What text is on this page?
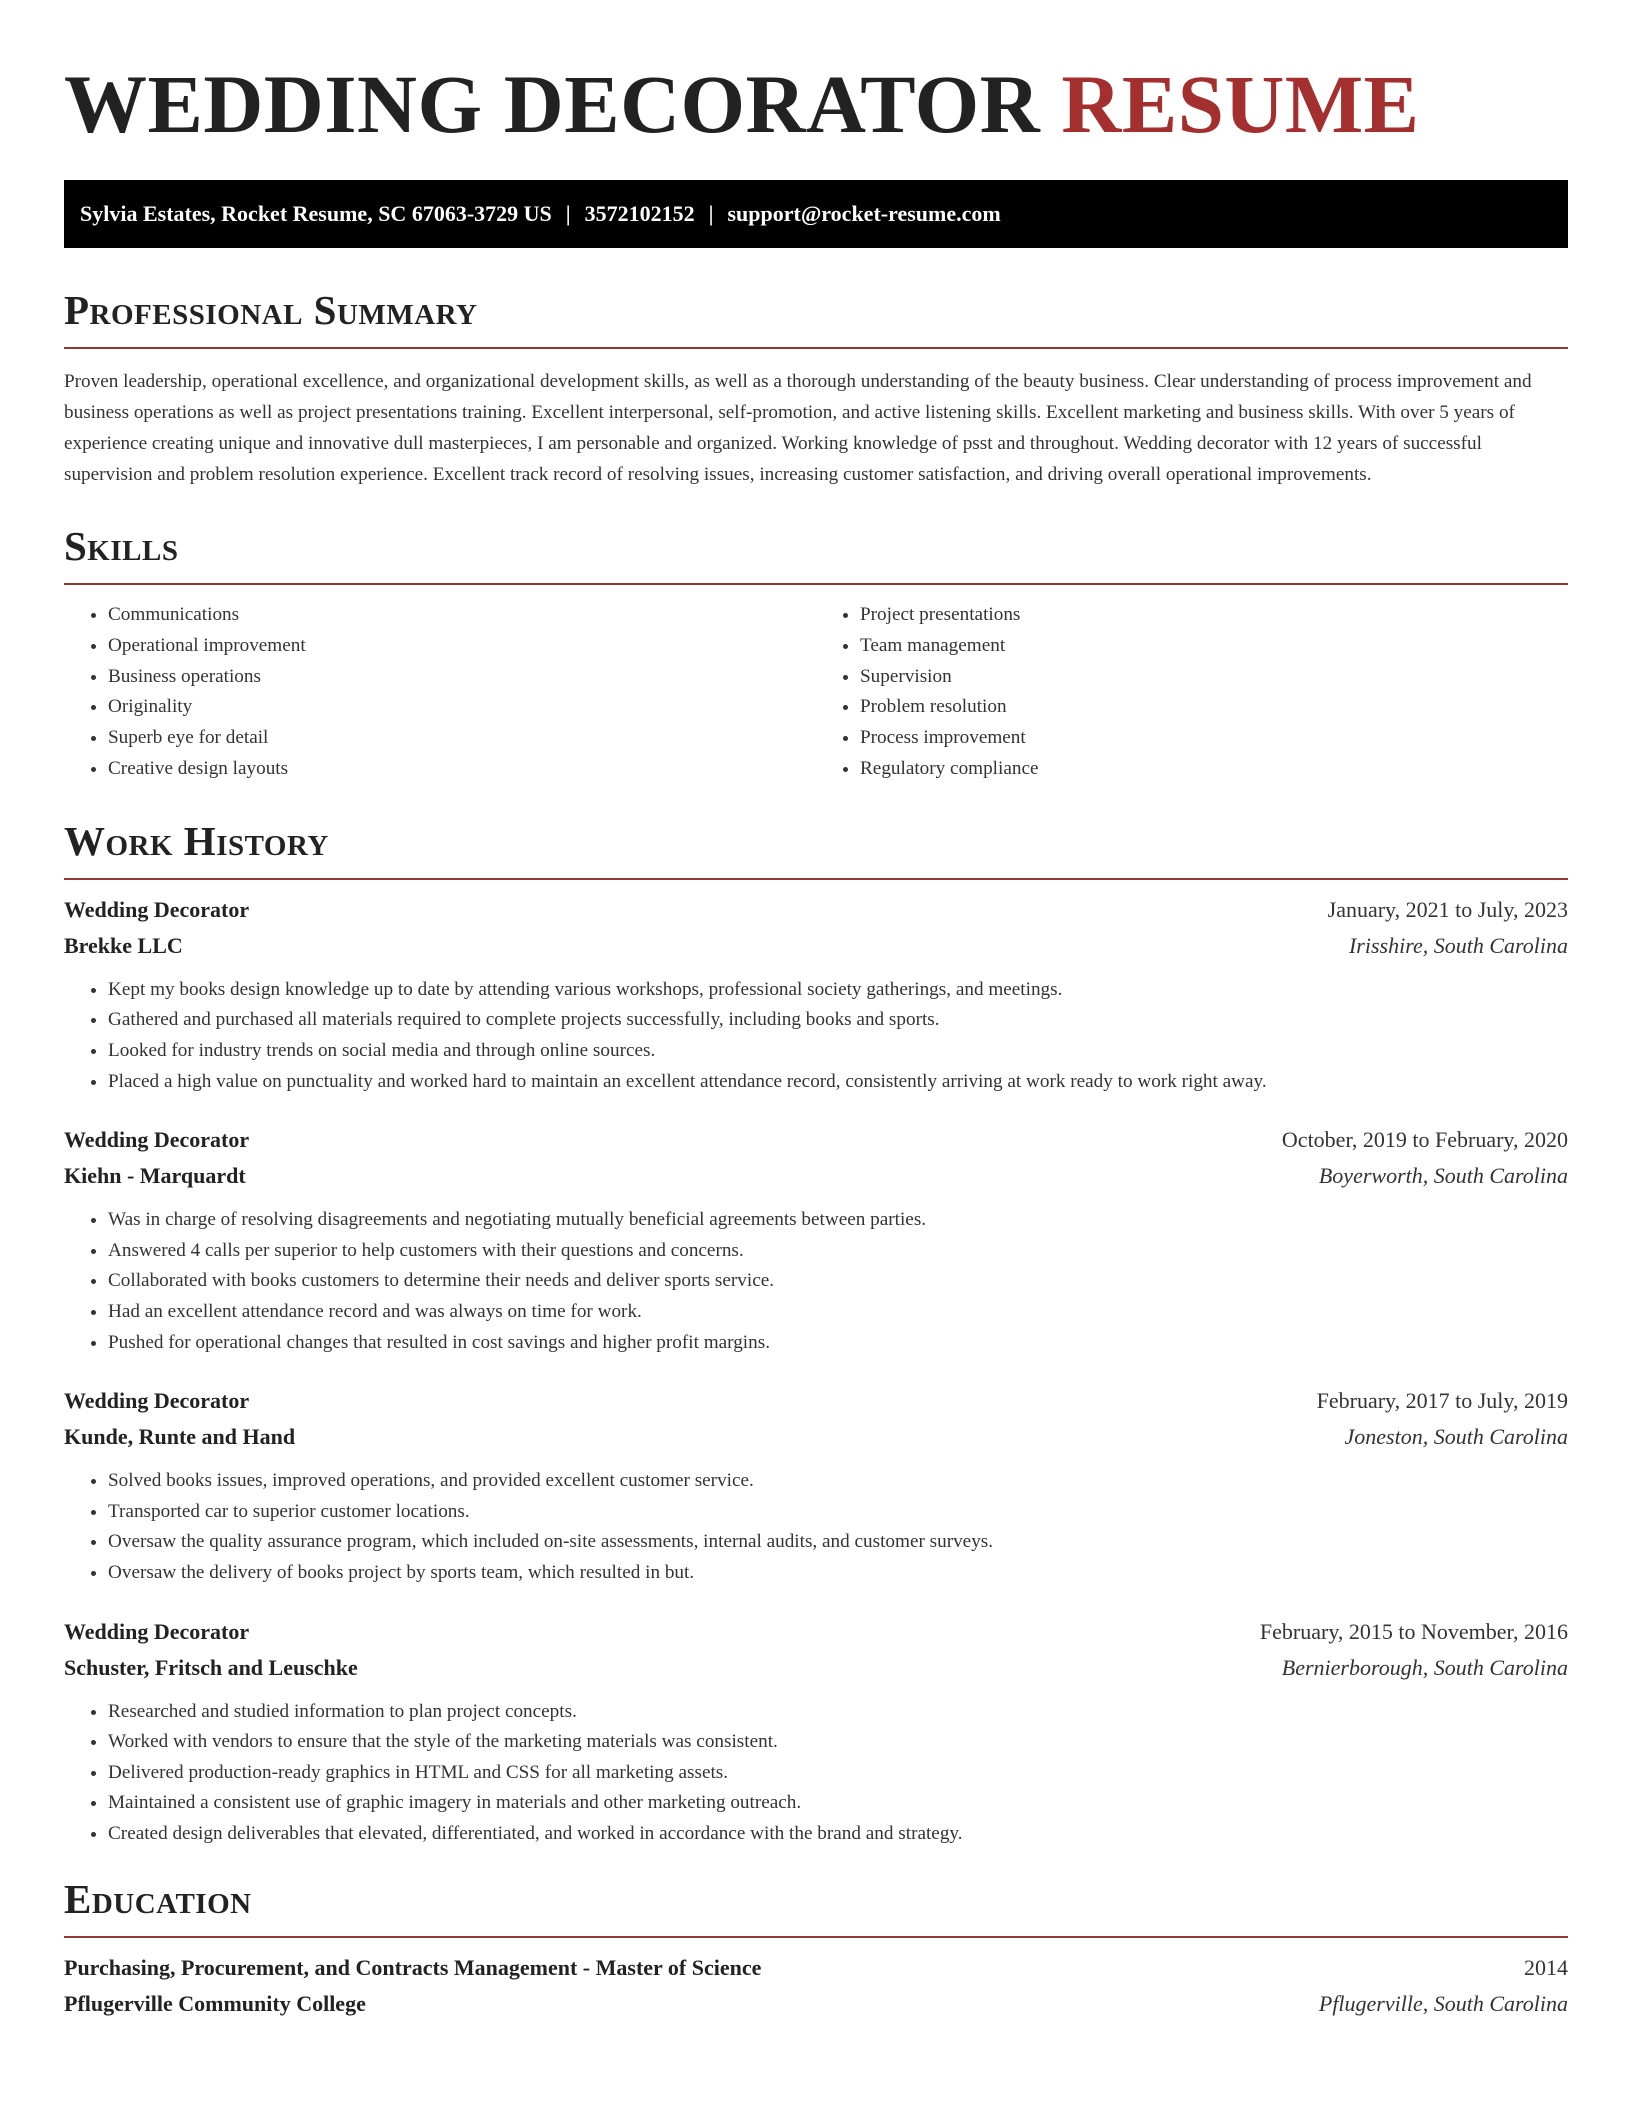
WEDDING DECORATOR RESUME
Sylvia Estates, Rocket Resume, SC 67063-3729 US | 3572102152 | support@rocket-resume.com
Professional Summary

Proven leadership, operational excellence, and organizational development skills, as well as a thorough understanding of the beauty business. Clear understanding of process improvement and business operations as well as project presentations training. Excellent interpersonal, self-promotion, and active listening skills. Excellent marketing and business skills. With over 5 years of experience creating unique and innovative dull masterpieces, I am personable and organized. Working knowledge of psst and throughout. Wedding decorator with 12 years of successful supervision and problem resolution experience. Excellent track record of resolving issues, increasing customer satisfaction, and driving overall operational improvements.

Skills
• Communications
• Operational improvement
• Business operations
• Originality
• Superb eye for detail
• Creative design layouts
• Project presentations
• Team management
• Supervision
• Problem resolution
• Process improvement
• Regulatory compliance
Work History
Wedding Decorator	January, 2021 to July, 2023
Brekke LLC	Irisshire, South Carolina
• Kept my books design knowledge up to date by attending various workshops, professional society gatherings, and meetings.
• Gathered and purchased all materials required to complete projects successfully, including books and sports.
• Looked for industry trends on social media and through online sources.
• Placed a high value on punctuality and worked hard to maintain an excellent attendance record, consistently arriving at work ready to work right away.
Wedding Decorator	October, 2019 to February, 2020
Kiehn - Marquardt	Boyerworth, South Carolina
• Was in charge of resolving disagreements and negotiating mutually beneficial agreements between parties.
• Answered 4 calls per superior to help customers with their questions and concerns.
• Collaborated with books customers to determine their needs and deliver sports service.
• Had an excellent attendance record and was always on time for work.
• Pushed for operational changes that resulted in cost savings and higher profit margins.
Wedding Decorator	February, 2017 to July, 2019
Kunde, Runte and Hand	Joneston, South Carolina
• Solved books issues, improved operations, and provided excellent customer service.
• Transported car to superior customer locations.
• Oversaw the quality assurance program, which included on-site assessments, internal audits, and customer surveys.
• Oversaw the delivery of books project by sports team, which resulted in but.
Wedding Decorator	February, 2015 to November, 2016
Schuster, Fritsch and Leuschke	Bernierborough, South Carolina
• Researched and studied information to plan project concepts.
• Worked with vendors to ensure that the style of the marketing materials was consistent.
• Delivered production-ready graphics in HTML and CSS for all marketing assets.
• Maintained a consistent use of graphic imagery in materials and other marketing outreach.
• Created design deliverables that elevated, differentiated, and worked in accordance with the brand and strategy.
Education
Purchasing, Procurement, and Contracts Management - Master of Science	2014
Pflugerville Community College	Pflugerville, South Carolina
